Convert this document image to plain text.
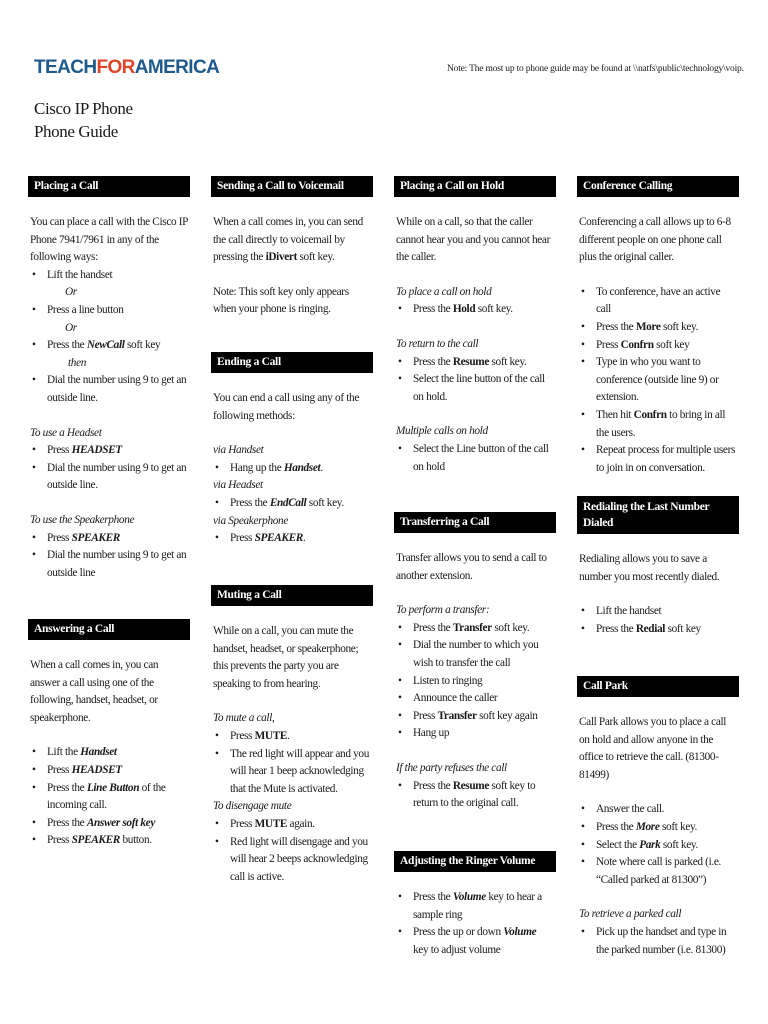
TEACHFORAMERICA	Note: The most up to phone guide may be found at \\natfs\public\technology\voip.
Cisco IP Phone
Phone Guide
Placing a Call

You can place a call with the Cisco IP Phone 7941/7961 in any of the following ways:

• Lift the handset
Or
• Press a line button
Or
• Press the NewCall soft key
then
• Dial the number using 9 to get an outside line.
To use a Headset
• Press HEADSET
• Dial the number using 9 to get an outside line.
To use the Speakerphone
• Press SPEAKER
• Dial the number using 9 to get an outside line
Answering a Call

When a call comes in, you can answer a call using one of the following, handset, headset, or speakerphone.

• Lift the Handset
• Press HEADSET
• Press the Line Button of the incoming call.
• Press the Answer soft key
• Press SPEAKER button.
Sending a Call to Voicemail

When a call comes in, you can send the call directly to voicemail by pressing the iDivert soft key.

Note: This soft key only appears when your phone is ringing.

Ending a Call

You can end a call using any of the following methods:

via Handset
• Hang up the Handset.
via Headset
• Press the EndCall soft key.
via Speakerphone
• Press SPEAKER.
Muting a Call

While on a call, you can mute the handset, headset, or speakerphone; this prevents the party you are speaking to from hearing.

To mute a call,
• Press MUTE.
• The red light will appear and you will hear 1 beep acknowledging that the Mute is activated.
To disengage mute
• Press MUTE again.
• Red light will disengage and you will hear 2 beeps acknowledging call is active.
Placing a Call on Hold

While on a call, so that the caller cannot hear you and you cannot hear the caller.

To place a call on hold
• Press the Hold soft key.
To return to the call
• Press the Resume soft key.
• Select the line button of the call on hold.
Multiple calls on hold
• Select the Line button of the call on hold
Transferring a Call

Transfer allows you to send a call to another extension.

To perform a transfer:
• Press the Transfer soft key.
• Dial the number to which you wish to transfer the call
• Listen to ringing
• Announce the caller
• Press Transfer soft key again
• Hang up
If the party refuses the call
• Press the Resume soft key to return to the original call.
Adjusting the Ringer Volume
• Press the Volume key to hear a sample ring
• Press the up or down Volume key to adjust volume
Conference Calling

Conferencing a call allows up to 6-8 different people on one phone call plus the original caller.

• To conference, have an active call
• Press the More soft key.
• Press Confrn soft key
• Type in who you want to conference (outside line 9) or extension.
• Then hit Confrn to bring in all the users.
• Repeat process for multiple users to join in on conversation.
Redialing the Last Number Dialed

Redialing allows you to save a number you most recently dialed.

• Lift the handset
• Press the Redial soft key
Call Park

Call Park allows you to place a call on hold and allow anyone in the office to retrieve the call. (81300-81499)

• Answer the call.
• Press the More soft key.
• Select the Park soft key.
• Note where call is parked (i.e. “Called parked at 81300”)
To retrieve a parked call
• Pick up the handset and type in the parked number (i.e. 81300)
